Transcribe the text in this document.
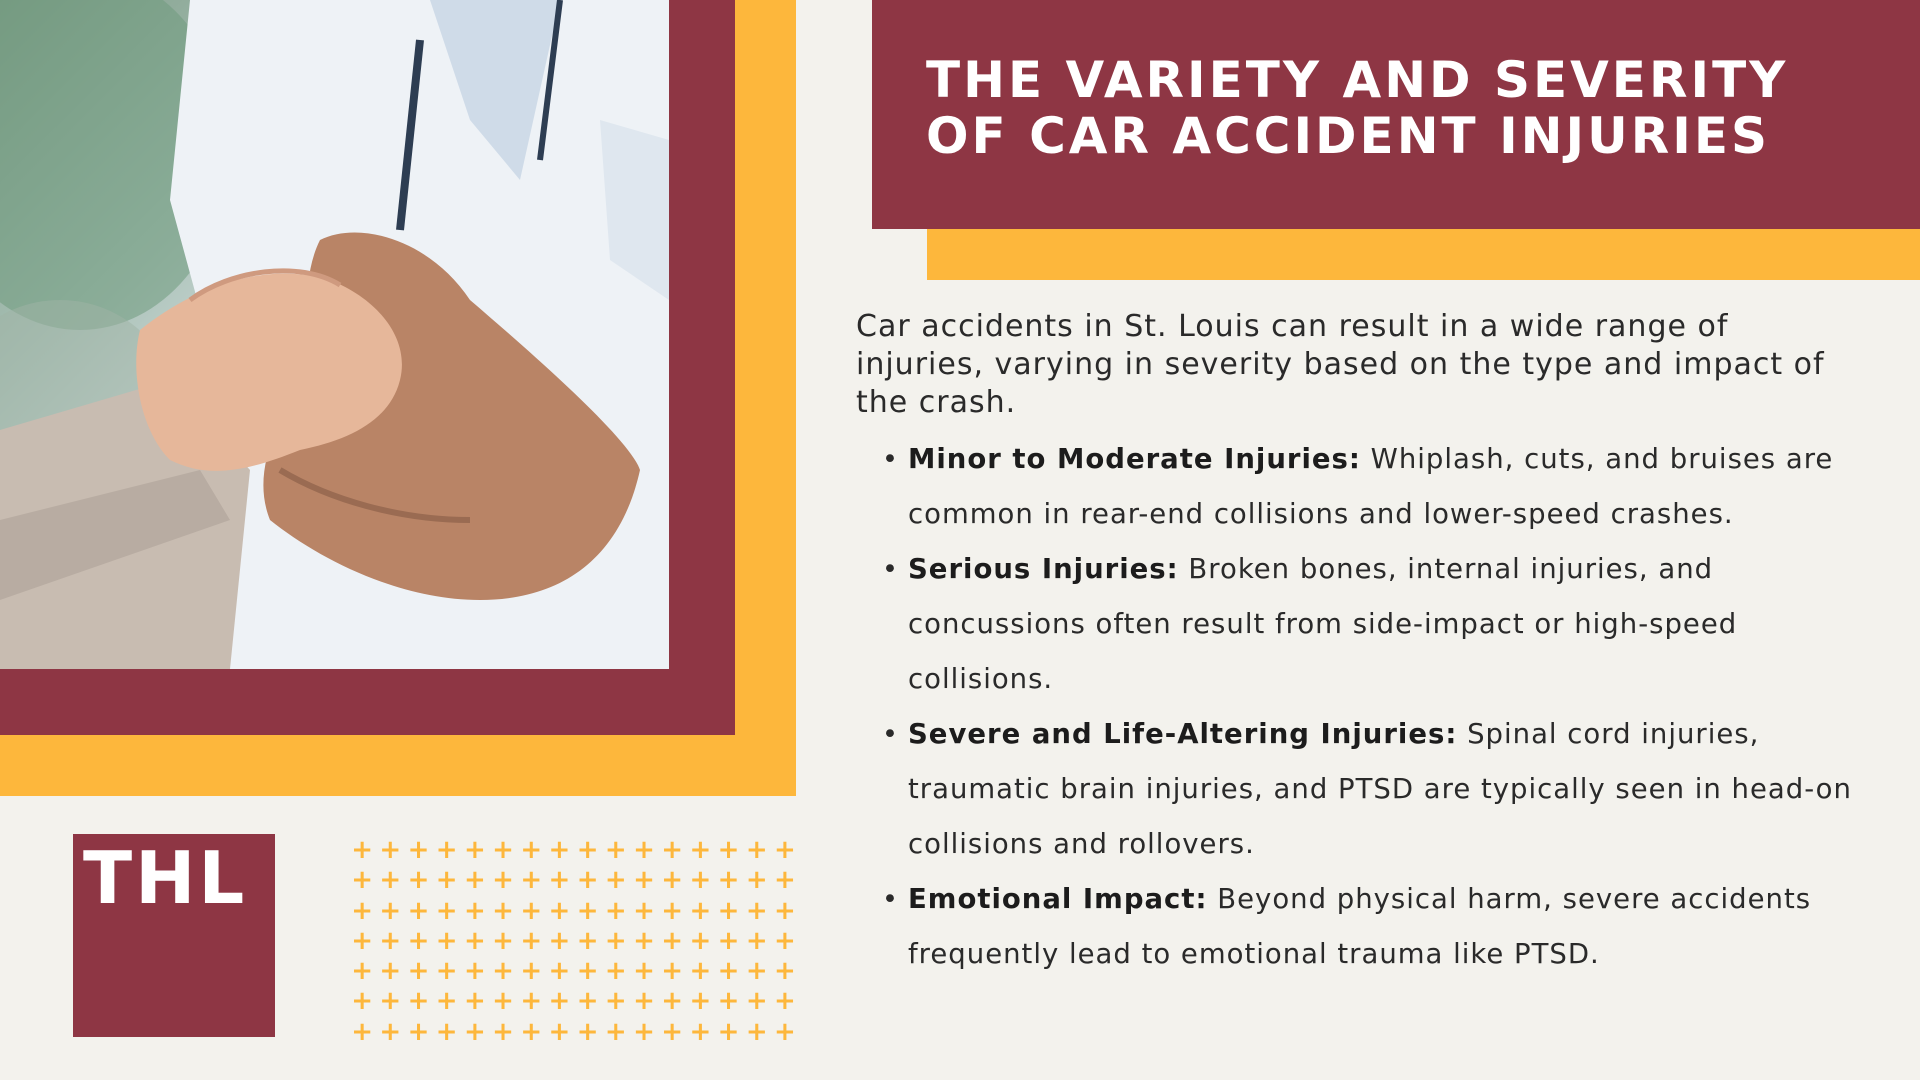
THL	+ + + + + + + + + + + + + + + +
+ + + + + + + + + + + + + + + +
+ + + + + + + + + + + + + + + +
+ + + + + + + + + + + + + + + +
+ + + + + + + + + + + + + + + +
+ + + + + + + + + + + + + + + +
+ + + + + + + + + + + + + + + +
THE VARIETY AND SEVERITY OF CAR ACCIDENT INJURIES

Car accidents in St. Louis can result in a wide range of injuries, varying in severity based on the type and impact of the crash.

• Minor to Moderate Injuries: Whiplash, cuts, and bruises are common in rear-end collisions and lower-speed crashes.
• Serious Injuries: Broken bones, internal injuries, and concussions often result from side-impact or high-speed collisions.
• Severe and Life-Altering Injuries: Spinal cord injuries, traumatic brain injuries, and PTSD are typically seen in head-on collisions and rollovers.
• Emotional Impact: Beyond physical harm, severe accidents frequently lead to emotional trauma like PTSD.
